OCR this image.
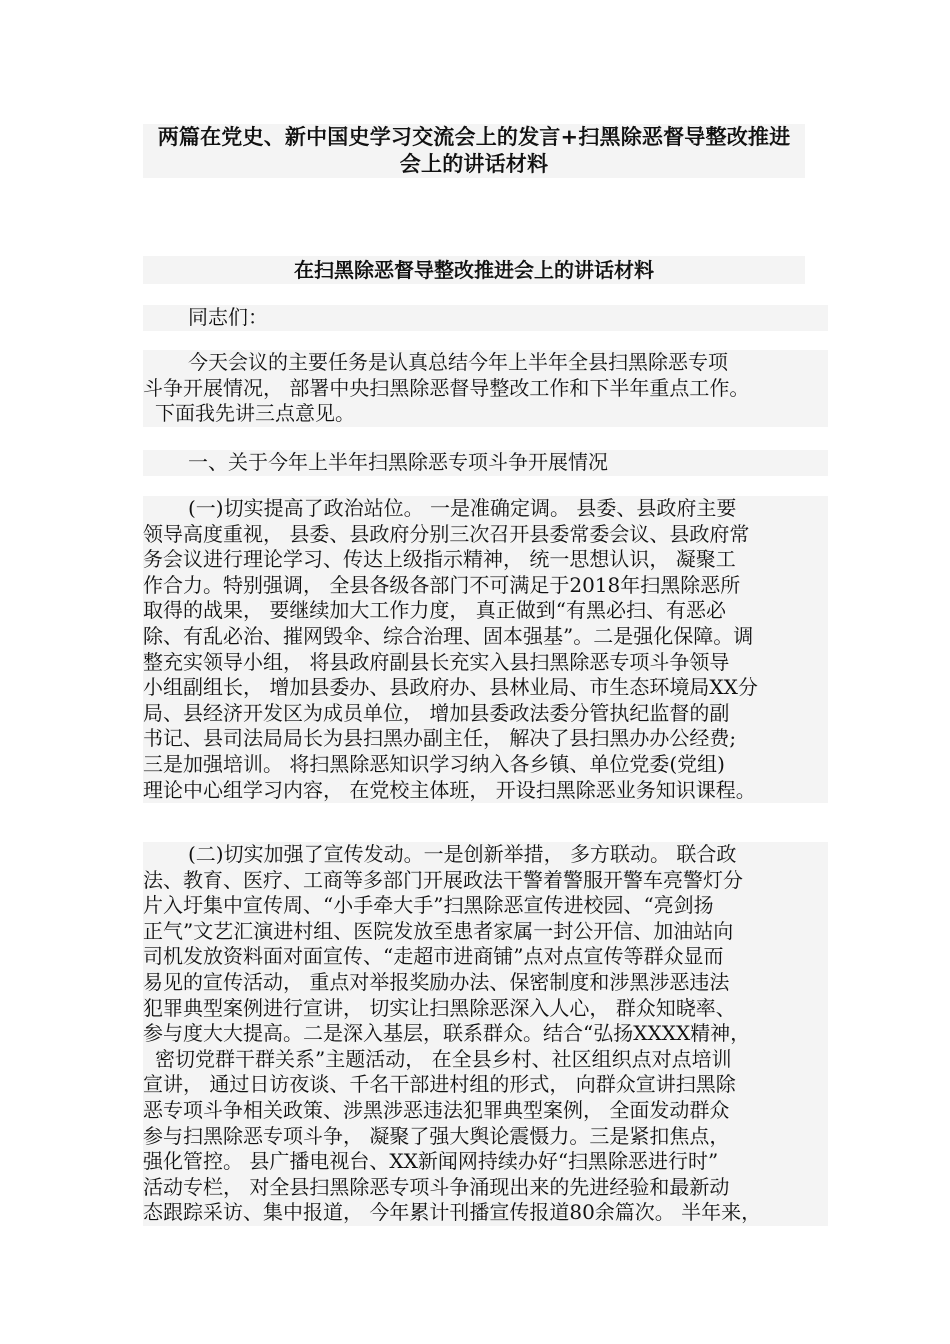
两篇在党史、新中国史学习交流会上的发言+扫黑除恶督导整改推进
会上的讲话材料
在扫黑除恶督导整改推进会上的讲话材料
同志们：
今天会议的主要任务是认真总结今年上半年全县扫黑除恶专项
斗争开展情况， 部署中央扫黑除恶督导整改工作和下半年重点工作。
下面我先讲三点意见。
一、关于今年上半年扫黑除恶专项斗争开展情况
(一)切实提高了政治站位。 一是准确定调。 县委、县政府主要
领导高度重视， 县委、县政府分别三次召开县委常委会议、县政府常
务会议进行理论学习、传达上级指示精神， 统一思想认识， 凝聚工
作合力。特别强调， 全县各级各部门不可满足于2018年扫黑除恶所
取得的战果， 要继续加大工作力度， 真正做到“有黑必扫、有恶必
除、有乱必治、摧网毁伞、综合治理、固本强基”。二是强化保障。调
整充实领导小组， 将县政府副县长充实入县扫黑除恶专项斗争领导
小组副组长， 增加县委办、县政府办、县林业局、市生态环境局XX分
局、县经济开发区为成员单位， 增加县委政法委分管执纪监督的副
书记、县司法局局长为县扫黑办副主任， 解决了县扫黑办办公经费;
三是加强培训。 将扫黑除恶知识学习纳入各乡镇、单位党委(党组)
理论中心组学习内容， 在党校主体班， 开设扫黑除恶业务知识课程。
(二)切实加强了宣传发动。一是创新举措， 多方联动。 联合政
法、教育、医疗、工商等多部门开展政法干警着警服开警车亮警灯分
片入圩集中宣传周、“小手牵大手”扫黑除恶宣传进校园、“亮剑扬
正气”文艺汇演进村组、医院发放至患者家属一封公开信、加油站向
司机发放资料面对面宣传、“走超市进商铺”点对点宣传等群众显而
易见的宣传活动， 重点对举报奖励办法、保密制度和涉黑涉恶违法
犯罪典型案例进行宣讲， 切实让扫黑除恶深入人心， 群众知晓率、
参与度大大提高。二是深入基层，联系群众。结合“弘扬XXXX精神，
密切党群干群关系”主题活动， 在全县乡村、社区组织点对点培训
宣讲， 通过日访夜谈、千名干部进村组的形式， 向群众宣讲扫黑除
恶专项斗争相关政策、涉黑涉恶违法犯罪典型案例， 全面发动群众
参与扫黑除恶专项斗争， 凝聚了强大舆论震慑力。三是紧扣焦点，
强化管控。 县广播电视台、XX新闻网持续办好“扫黑除恶进行时”
活动专栏， 对全县扫黑除恶专项斗争涌现出来的先进经验和最新动
态跟踪采访、集中报道， 今年累计刊播宣传报道80余篇次。 半年来，
